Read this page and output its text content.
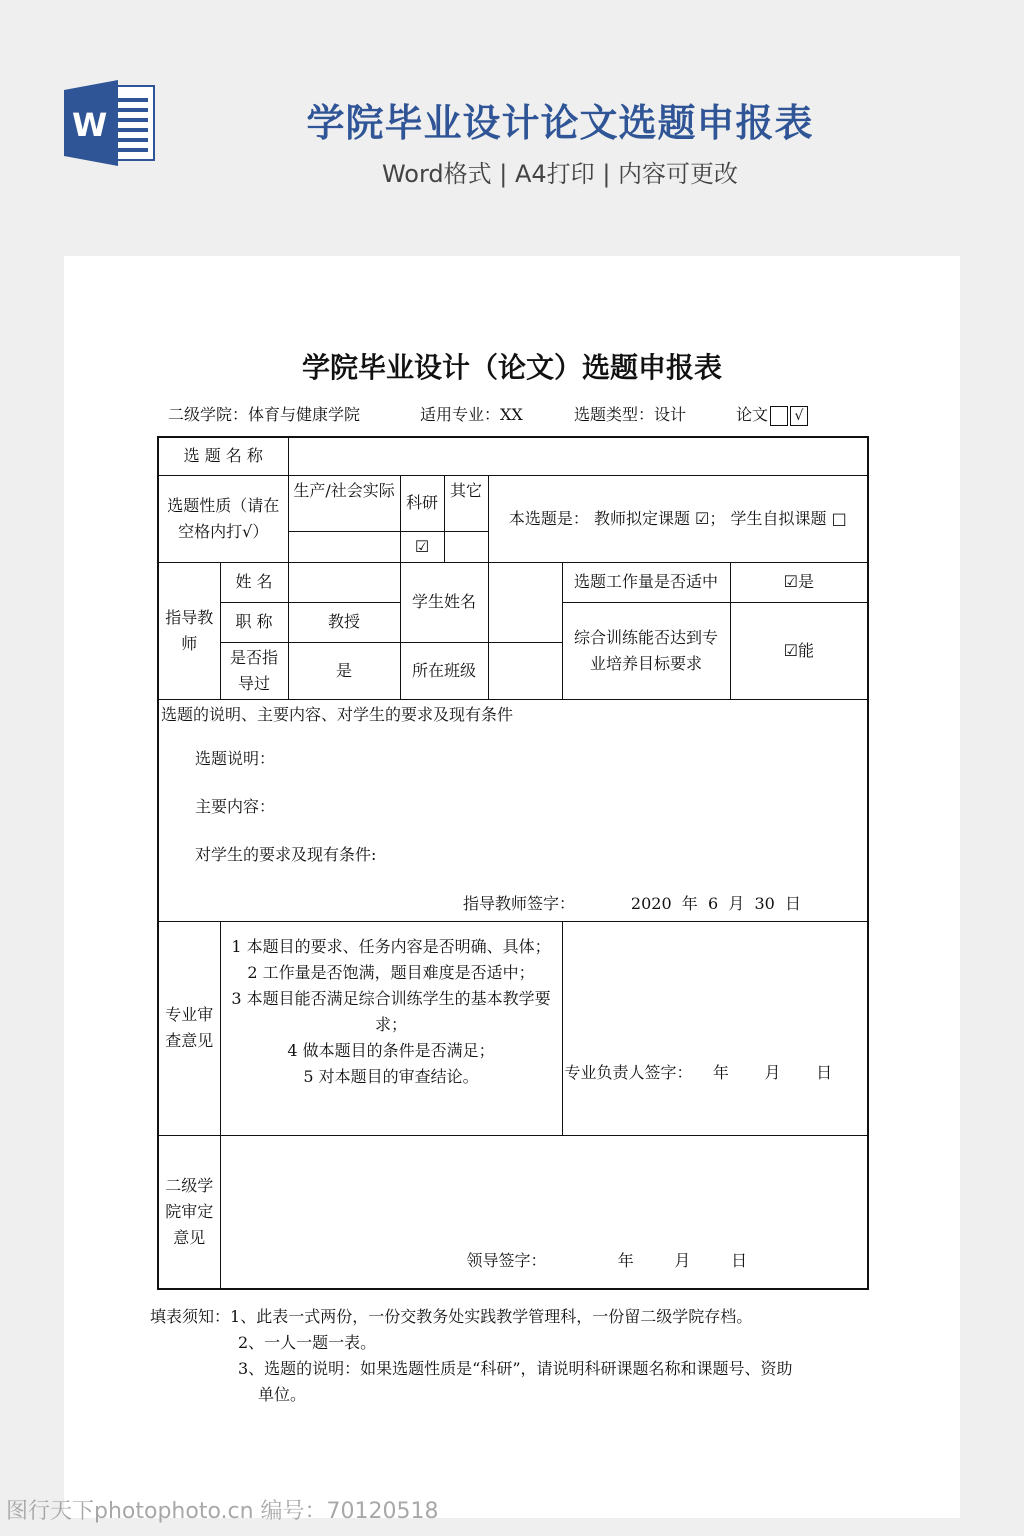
W	学院毕业设计论文选题申报表
Word格式 | A4打印 | 内容可更改
学院毕业设计（论文）选题申报表
二级学院：体育与健康学院	适用专业：XX	选题类型：设计	论文 √
选 题 名 称							
选题性质（请在空格内打√）		生产/社会实际	科研	其它	本选题是： 教师拟定课题 ☑； 学生自拟课题 □		
			☑				
指导教师	姓 名		学生姓名			选题工作量是否适中	☑是
	职 称	教授				综合训练能否达到专业培养目标要求	☑能
	是否指导过	是	所在班级				

选题的说明、主要内容、对学生的要求及现有条件
选题说明：
主要内容：
对学生的要求及现有条件:
指导教师签字：           2020  年  6  月  30  日							

专业审查意见	1 本题目的要求、任务内容是否明确、具体；
2 工作量是否饱满，题目难度是否适中；
3 本题目能否满足综合训练学生的基本教学要求；
4 做本题目的条件是否满足；
5 对本题目的审查结论。					专业负责人签字：    年       月       日	

二级学院审定意见	领导签字：              年        月        日						
填表须知：1、此表一式两份，一份交教务处实践教学管理科，一份留二级学院存档。
2、一人一题一表。
3、选题的说明：如果选题性质是“科研”，请说明科研课题名称和课题号、资助
单位。
图行天下photophoto.cn 编号：70120518
